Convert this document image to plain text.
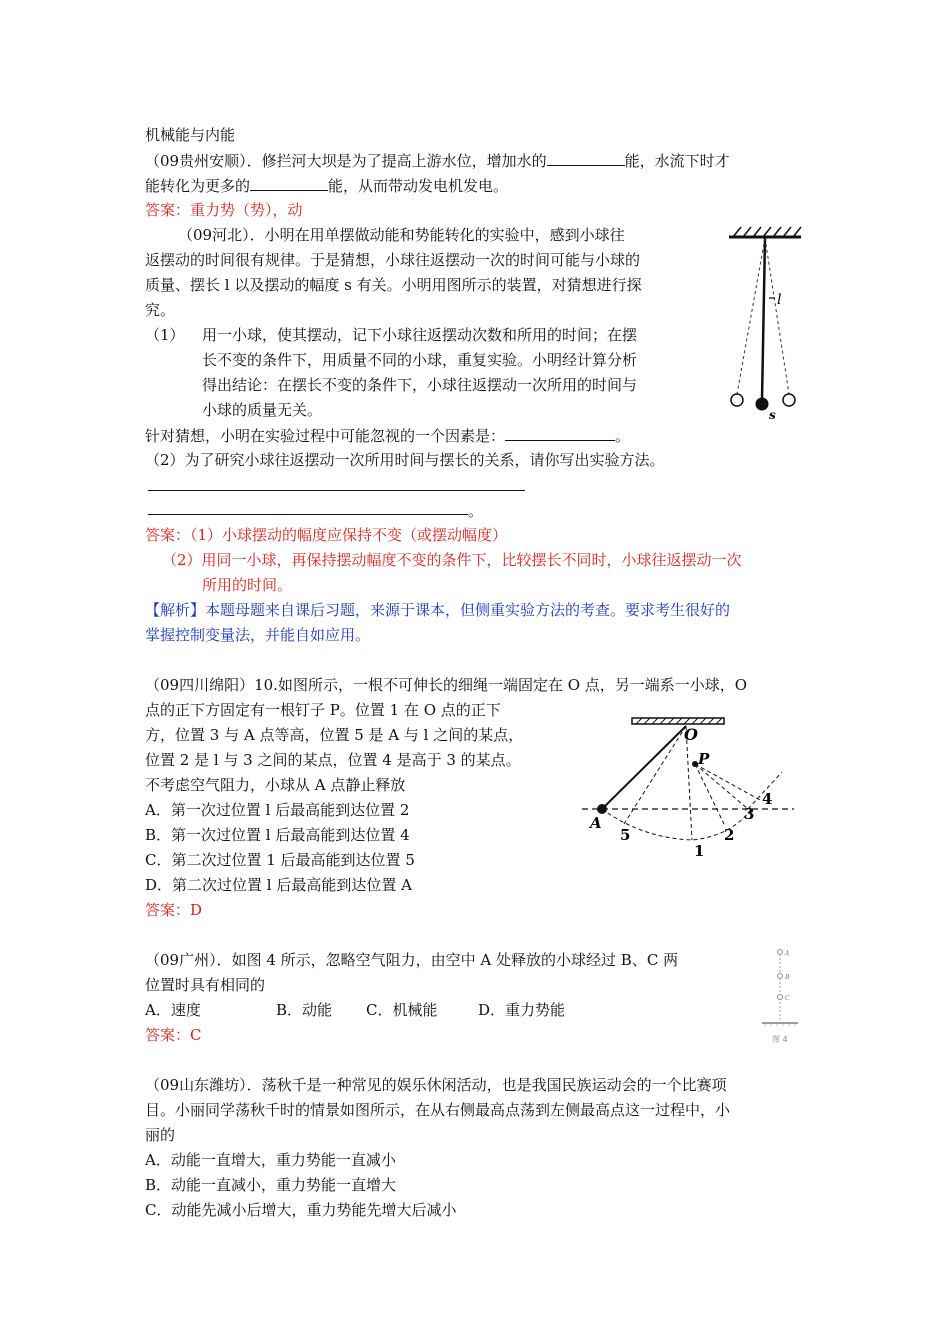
机械能与内能
（09贵州安顺）．修拦河大坝是为了提高上游水位，增加水的	能，水流下时才
能转化为更多的	能，从而带动发电机发电。
答案：重力势（势），动
（09河北）．小明在用单摆做动能和势能转化的实验中，感到小球往
返摆动的时间很有规律。于是猜想，小球往返摆动一次的时间可能与小球的
质量、摆长 l 以及摆动的幅度 s 有关。小明用图所示的装置，对猜想进行探
究。
（1） 用一小球，使其摆动，记下小球往返摆动次数和所用的时间；在摆
长不变的条件下，用质量不同的小球，重复实验。小明经计算分析
得出结论：在摆长不变的条件下，小球往返摆动一次所用的时间与
小球的质量无关。
针对猜想，小明在实验过程中可能忽视的一个因素是：	。
（2）为了研究小球往返摆动一次所用时间与摆长的关系，请你写出实验方法。
。
答案：（1）小球摆动的幅度应保持不变（或摆动幅度）
（2）用同一小球，再保持摆动幅度不变的条件下，比较摆长不同时，小球往返摆动一次
所用的时间。
【解析】本题母题来自课后习题，来源于课本，但侧重实验方法的考查。要求考生很好的
掌握控制变量法，并能自如应用。
l
s
（09四川绵阳）10.如图所示，一根不可伸长的细绳一端固定在 O 点，另一端系一小球，O
点的正下方固定有一根钉子 P。位置 1 在 O 点的正下
方，位置 3 与 A 点等高，位置 5 是 A 与 l 之间的某点，
位置 2 是 l 与 3 之间的某点，位置 4 是高于 3 的某点。
不考虑空气阻力，小球从 A 点静止释放
A．第一次过位置 l 后最高能到达位置 2
B．第一次过位置 l 后最高能到达位置 4
C．第二次过位置 1 后最高能到达位置 5
D．第二次过位置 l 后最高能到达位置 A
答案：D
O
P
A
5
1
2
3
4
（09广州）．如图 4 所示，忽略空气阻力，由空中 A 处释放的小球经过 B、C 两
位置时具有相同的
A．速度	B．动能 C．机械能	D．重力势能
答案：C
A
B
C
图 4
（09山东潍坊）．荡秋千是一种常见的娱乐休闲活动，也是我国民族运动会的一个比赛项
目。小丽同学荡秋千时的情景如图所示，在从右侧最高点荡到左侧最高点这一过程中，小
丽的
A．动能一直增大，重力势能一直减小
B．动能一直减小，重力势能一直增大
C．动能先减小后增大，重力势能先增大后减小
